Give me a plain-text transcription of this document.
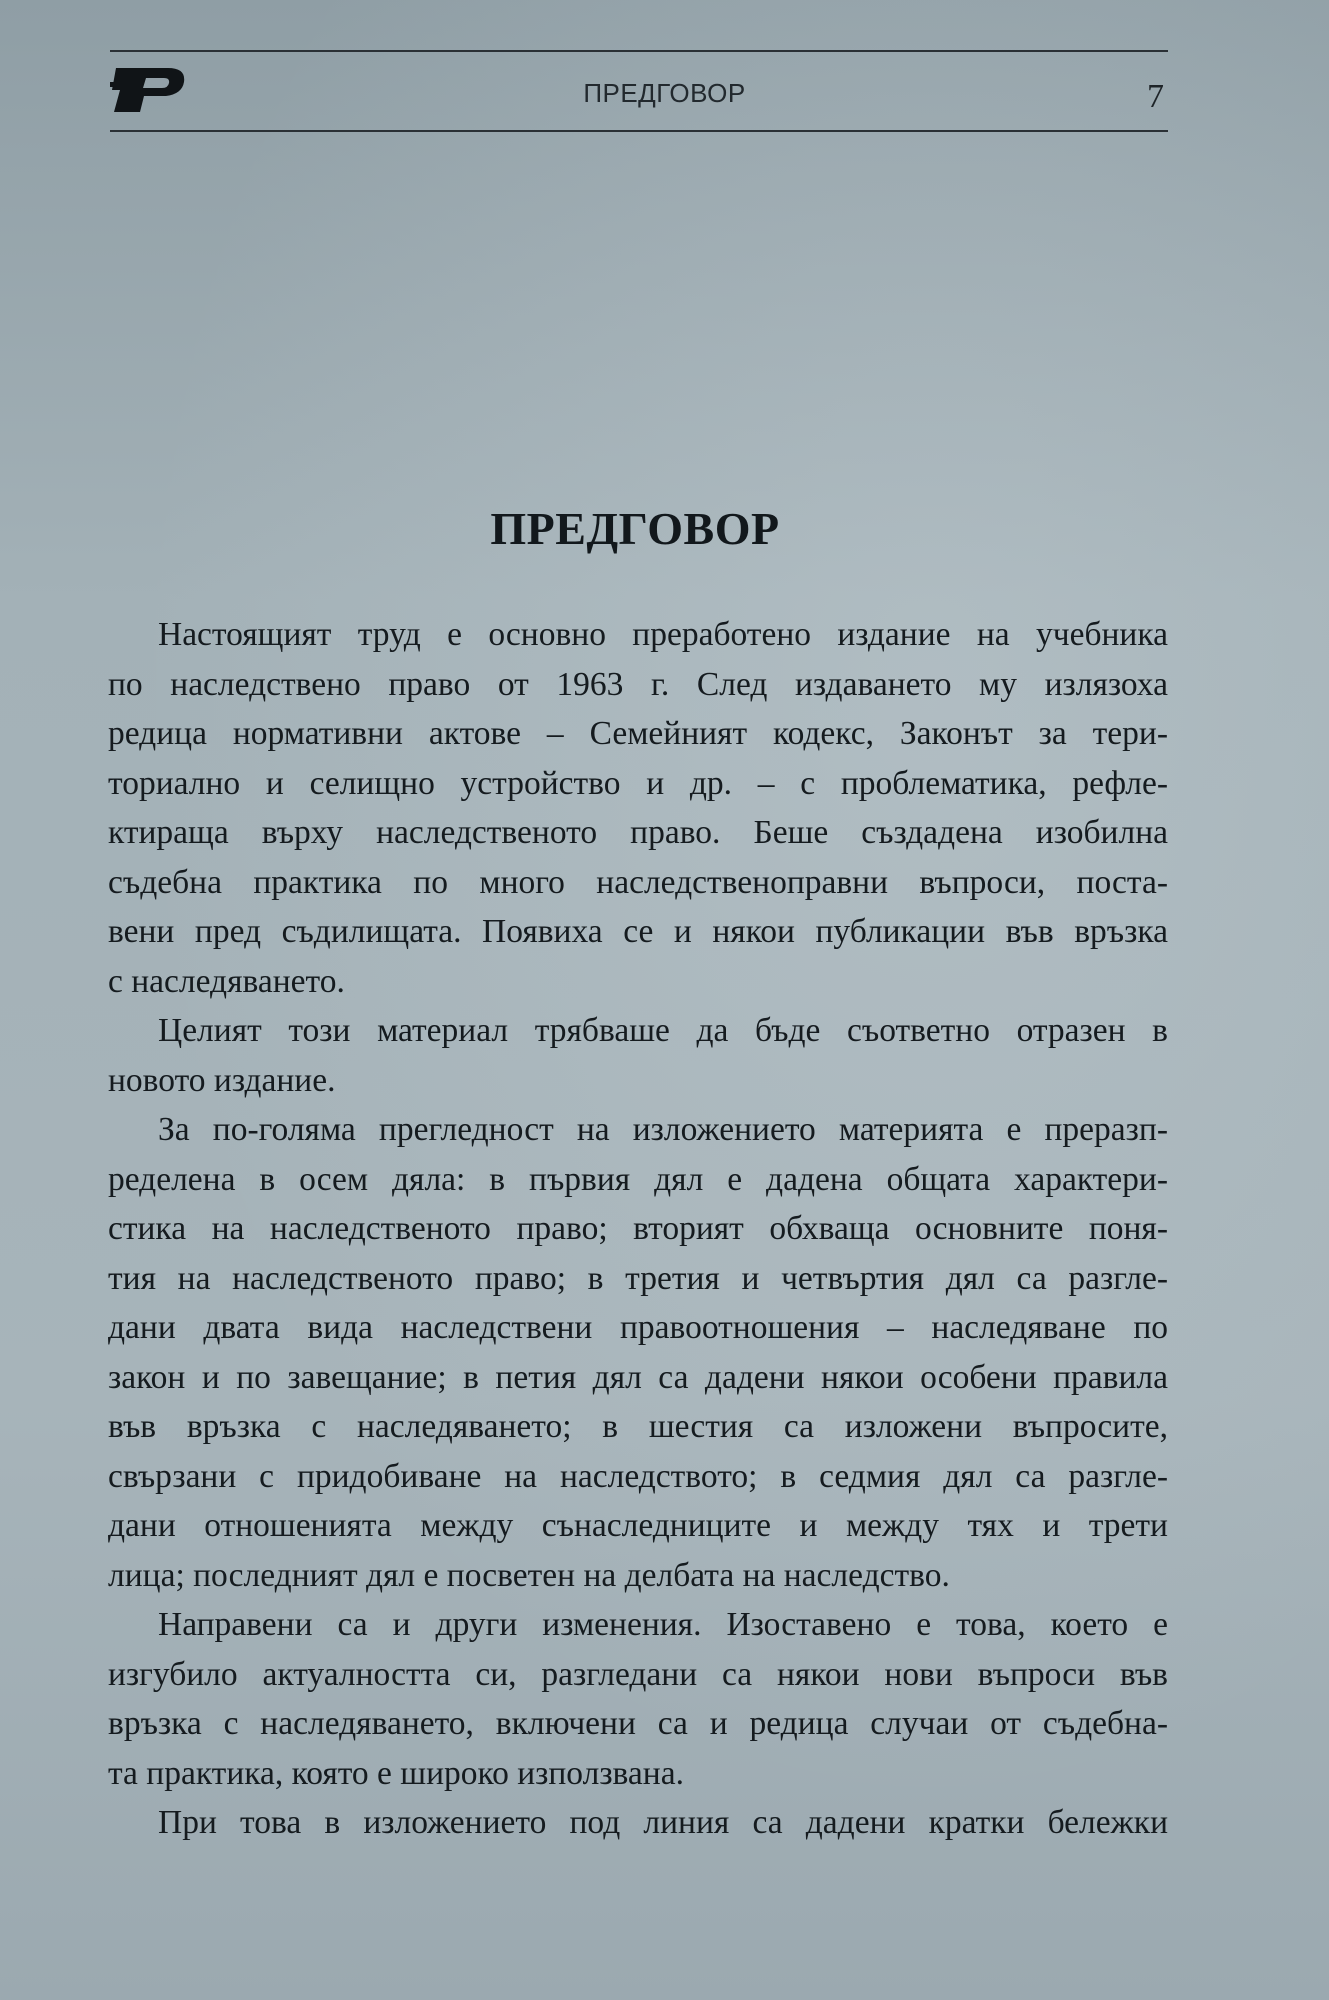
ПРЕДГОВОР	7
ПРЕДГОВОР

Настоящият труд е основно преработено издание на учебника
по наследствено право от 1963 г. След издаването му излязоха
редица нормативни актове – Семейният кодекс, Законът за тери-
ториално и селищно устройство и др. – с проблематика, рефле-
ктираща върху наследственото право. Беше създадена изобилна
съдебна практика по много наследственоправни въпроси, поста-
вени пред съдилищата. Появиха се и някои публикации във връзка
с наследяването.

Целият този материал трябваше да бъде съответно отразен в
новото издание.

За по-голяма прегледност на изложението материята е преразп-
ределена в осем дяла: в първия дял е дадена общата характери-
стика на наследственото право; вторият обхваща основните поня-
тия на наследственото право; в третия и четвъртия дял са разгле-
дани двата вида наследствени правоотношения – наследяване по
закон и по завещание; в петия дял са дадени някои особени правила
във връзка с наследяването; в шестия са изложени въпросите,
свързани с придобиване на наследството; в седмия дял са разгле-
дани отношенията между сънаследниците и между тях и трети
лица; последният дял е посветен на делбата на наследство.

Направени са и други изменения. Изоставено е това, което е
изгубило актуалността си, разгледани са някои нови въпроси във
връзка с наследяването, включени са и редица случаи от съдебна-
та практика, която е широко използвана.

При това в изложението под линия са дадени кратки бележки
